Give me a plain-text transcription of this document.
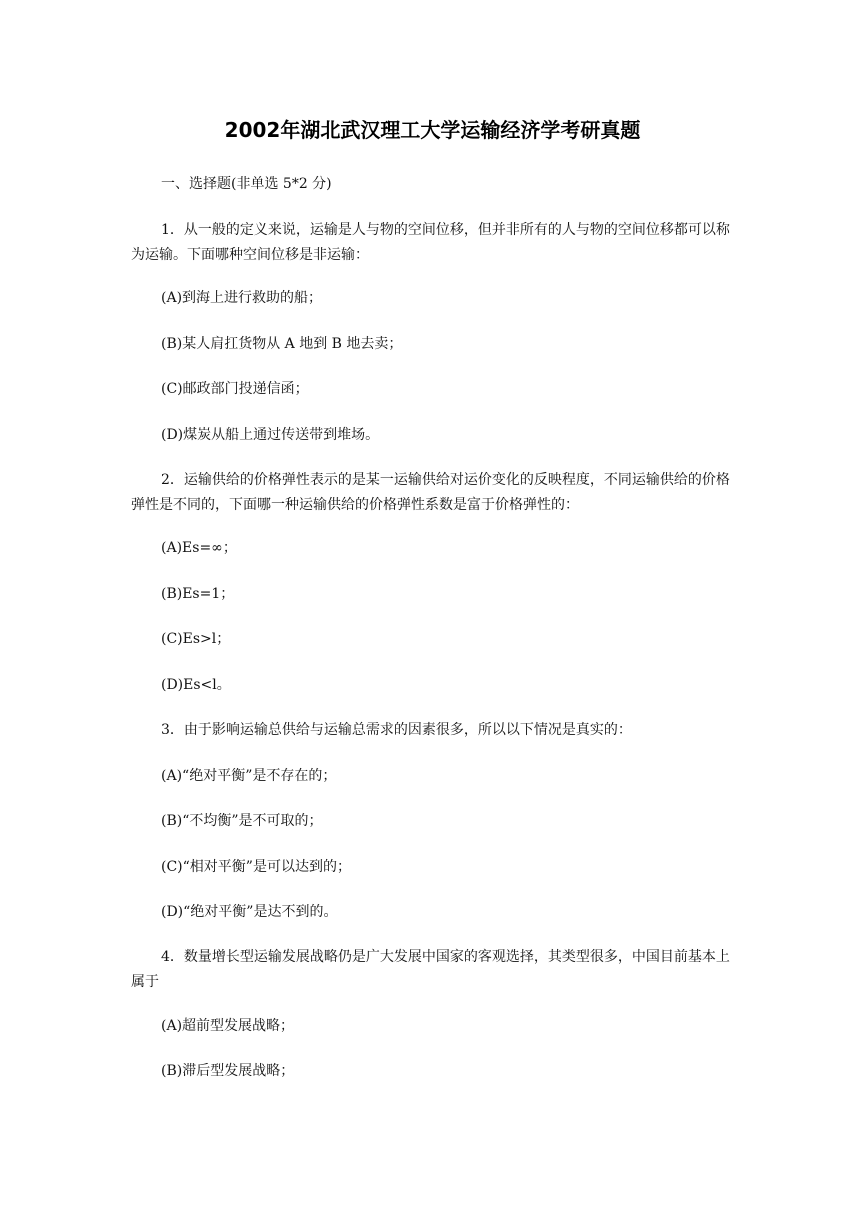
2002年湖北武汉理工大学运输经济学考研真题

一、选择题(非单选 5*2 分)

1．从一般的定义来说，运输是人与物的空间位移，但并非所有的人与物的空间位移都可以称为运输。下面哪种空间位移是非运输：

(A)到海上进行救助的船；

(B)某人肩扛货物从 A 地到 B 地去卖；

(C)邮政部门投递信函；

(D)煤炭从船上通过传送带到堆场。

2．运输供给的价格弹性表示的是某一运输供给对运价变化的反映程度，不同运输供给的价格弹性是不同的，下面哪一种运输供给的价格弹性系数是富于价格弹性的：

(A)Es=∞；

(B)Es=1；

(C)Es>l；

(D)Es<l。

3．由于影响运输总供给与运输总需求的因素很多，所以以下情况是真实的：

(A)“绝对平衡”是不存在的；

(B)“不均衡”是不可取的；

(C)“相对平衡”是可以达到的；

(D)“绝对平衡”是达不到的。

4．数量增长型运输发展战略仍是广大发展中国家的客观选择，其类型很多，中国目前基本上属于

(A)超前型发展战略；

(B)滞后型发展战略；
